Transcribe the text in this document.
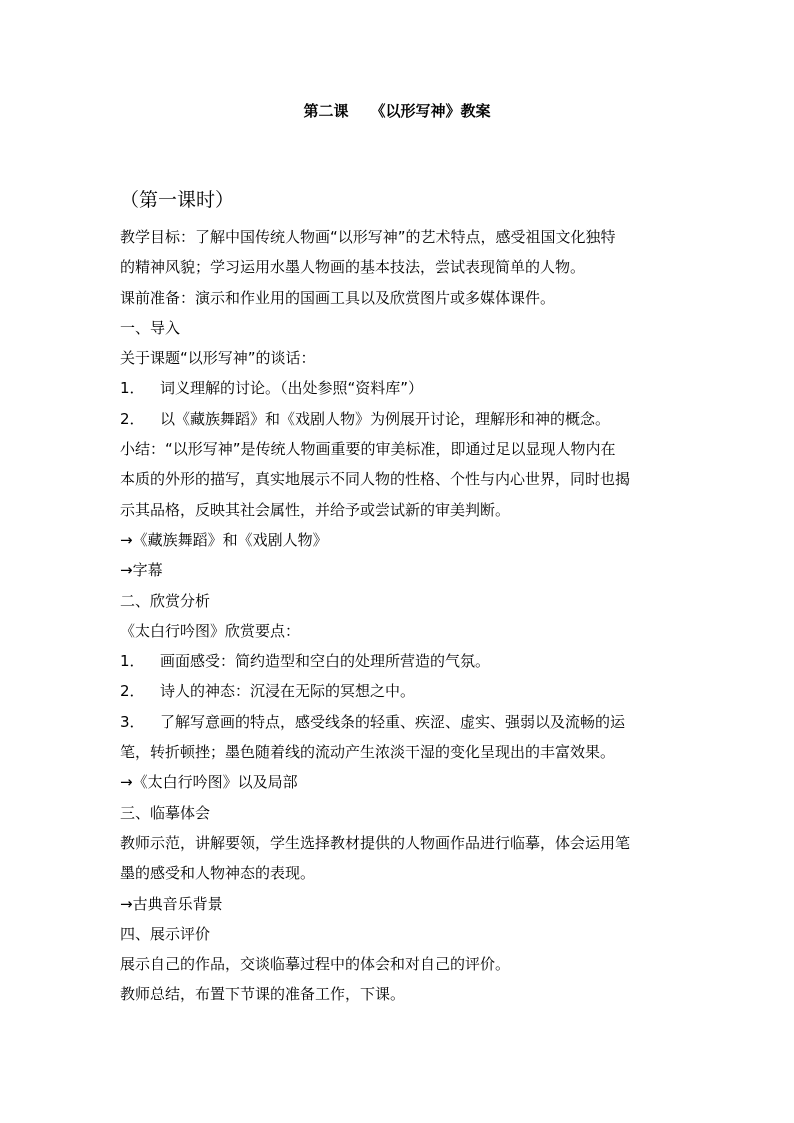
第二课 《以形写神》教案
（第一课时）
教学目标：了解中国传统人物画“以形写神”的艺术特点，感受祖国文化独特
的精神风貌；学习运用水墨人物画的基本技法，尝试表现简单的人物。
课前准备：演示和作业用的国画工具以及欣赏图片或多媒体课件。
一、导入
关于课题“以形写神”的谈话：
1． 词义理解的讨论。（出处参照“资料库”）
2． 以《藏族舞蹈》和《戏剧人物》为例展开讨论，理解形和神的概念。
小结：“以形写神”是传统人物画重要的审美标准，即通过足以显现人物内在
本质的外形的描写，真实地展示不同人物的性格、个性与内心世界，同时也揭
示其品格，反映其社会属性，并给予或尝试新的审美判断。
→《藏族舞蹈》和《戏剧人物》
→字幕
二、欣赏分析
《太白行吟图》欣赏要点：
1． 画面感受：简约造型和空白的处理所营造的气氛。
2． 诗人的神态：沉浸在无际的冥想之中。
3． 了解写意画的特点，感受线条的轻重、疾涩、虚实、强弱以及流畅的运
笔，转折顿挫；墨色随着线的流动产生浓淡干湿的变化呈现出的丰富效果。
→《太白行吟图》以及局部
三、临摹体会
教师示范，讲解要领，学生选择教材提供的人物画作品进行临摹，体会运用笔
墨的感受和人物神态的表现。
→古典音乐背景
四、展示评价
展示自己的作品，交谈临摹过程中的体会和对自己的评价。
教师总结，布置下节课的准备工作，下课。
